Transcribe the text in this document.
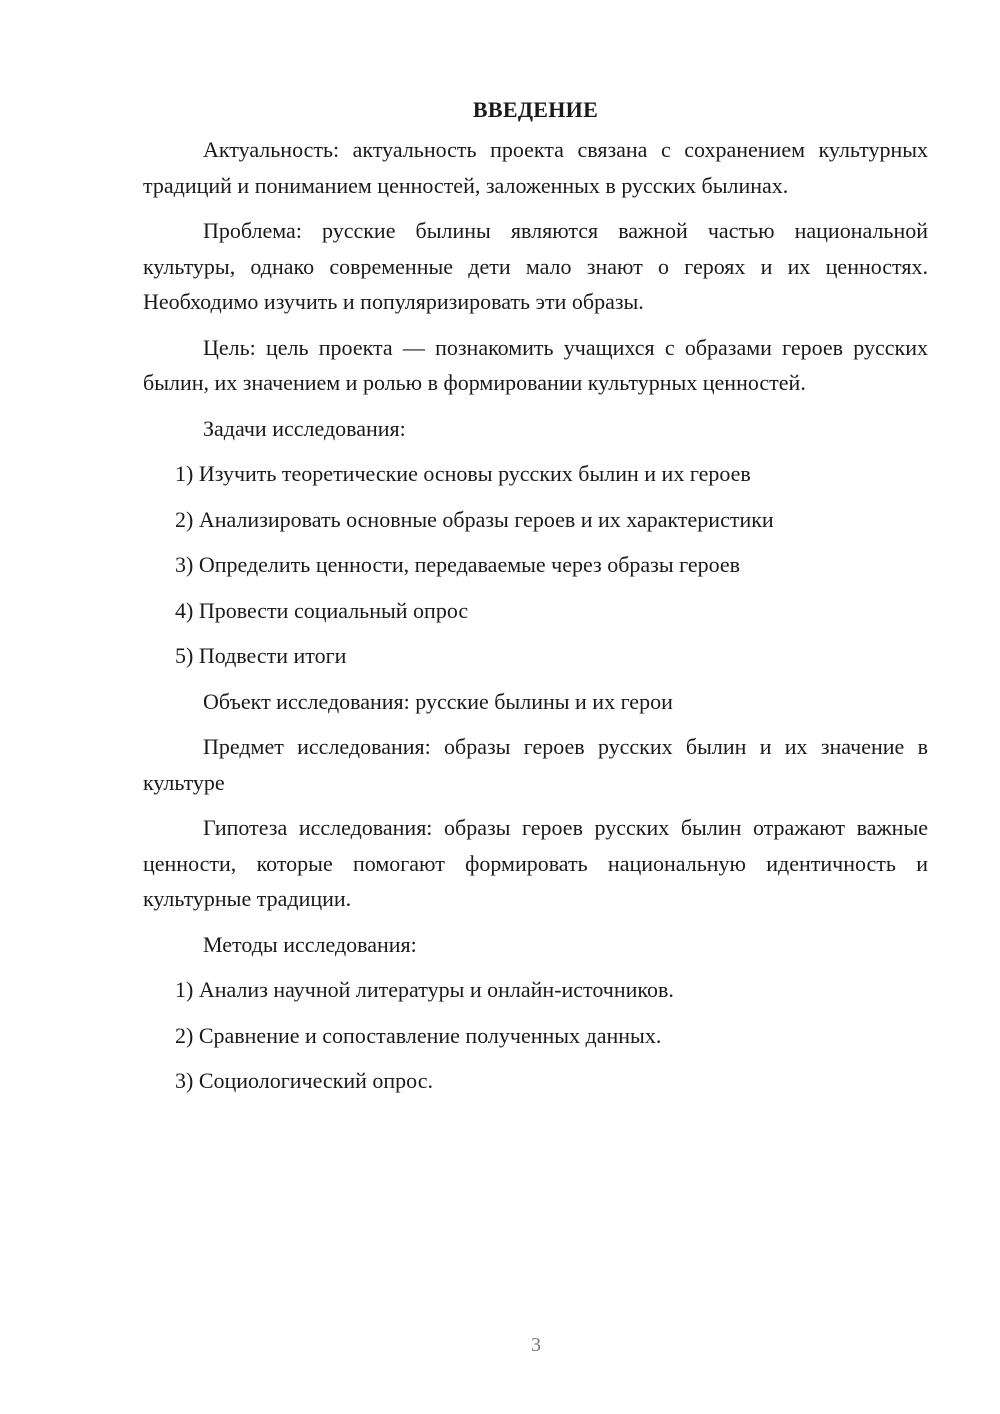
ВВЕДЕНИЕ

Актуальность: актуальность проекта связана с сохранением культурных традиций и пониманием ценностей, заложенных в русских былинах.

Проблема: русские былины являются важной частью национальной культуры, однако современные дети мало знают о героях и их ценностях. Необходимо изучить и популяризировать эти образы.

Цель: цель проекта — познакомить учащихся с образами героев русских былин, их значением и ролью в формировании культурных ценностей.

Задачи исследования:

1) Изучить теоретические основы русских былин и их героев
2) Анализировать основные образы героев и их характеристики
3) Определить ценности, передаваемые через образы героев
4) Провести социальный опрос
5) Подвести итоги

Объект исследования: русские былины и их герои

Предмет исследования: образы героев русских былин и их значение в культуре

Гипотеза исследования: образы героев русских былин отражают важные ценности, которые помогают формировать национальную идентичность и культурные традиции.

Методы исследования:

1) Анализ научной литературы и онлайн-источников.
2) Сравнение и сопоставление полученных данных.
3) Социологический опрос.
3
